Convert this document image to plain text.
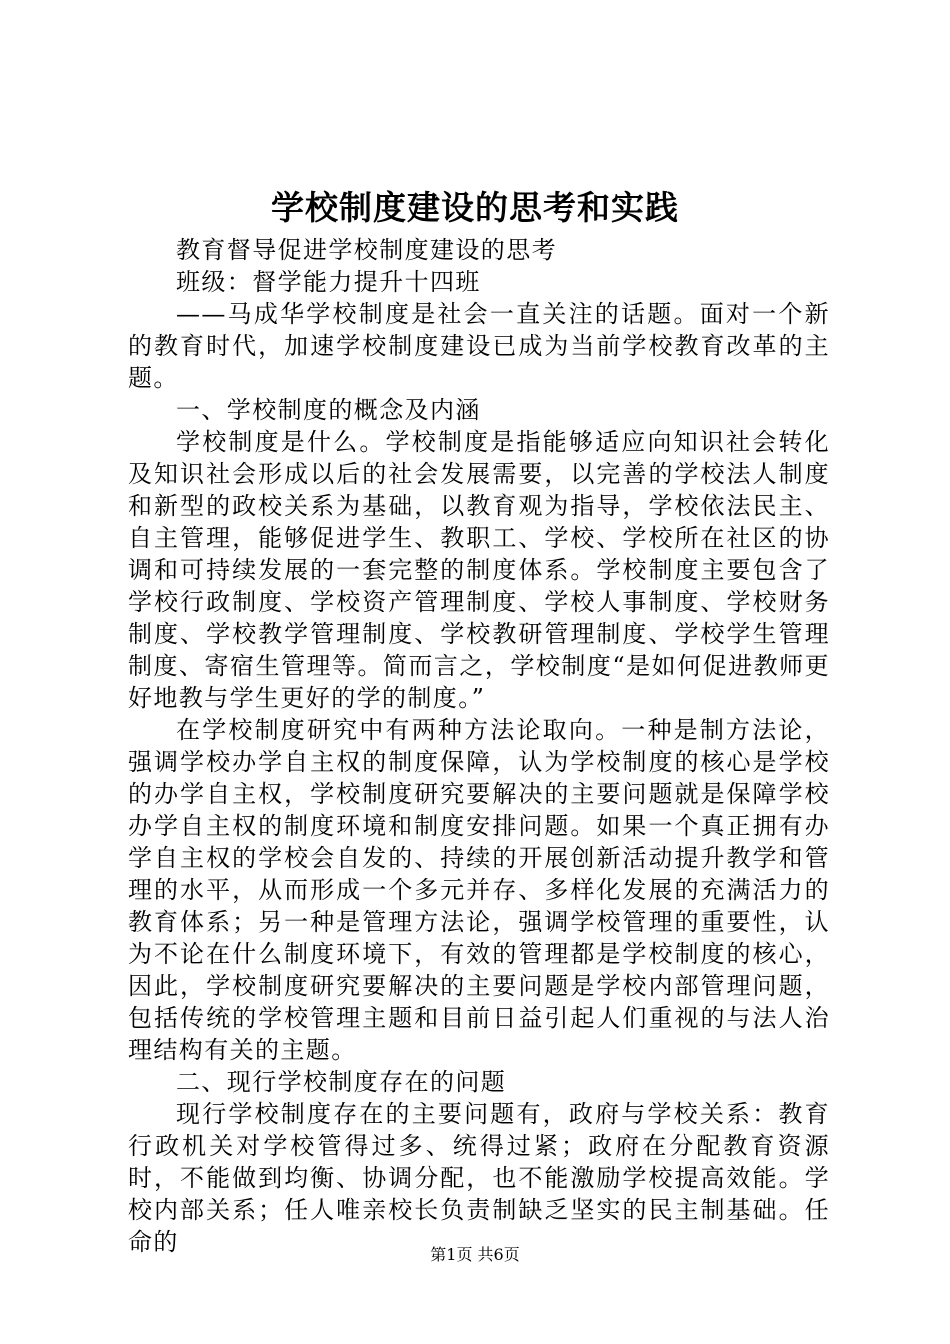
学校制度建设的思考和实践

教育督导促进学校制度建设的思考

班级：督学能力提升十四班

——马成华学校制度是社会一直关注的话题。面对一个新的教育时代，加速学校制度建设已成为当前学校教育改革的主题。

一、学校制度的概念及内涵

学校制度是什么。学校制度是指能够适应向知识社会转化及知识社会形成以后的社会发展需要，以完善的学校法人制度和新型的政校关系为基础，以教育观为指导，学校依法民主、自主管理，能够促进学生、教职工、学校、学校所在社区的协调和可持续发展的一套完整的制度体系。学校制度主要包含了学校行政制度、学校资产管理制度、学校人事制度、学校财务制度、学校教学管理制度、学校教研管理制度、学校学生管理制度、寄宿生管理等。简而言之，学校制度“是如何促进教师更好地教与学生更好的学的制度。”

在学校制度研究中有两种方法论取向。一种是制方法论，强调学校办学自主权的制度保障，认为学校制度的核心是学校的办学自主权，学校制度研究要解决的主要问题就是保障学校办学自主权的制度环境和制度安排问题。如果一个真正拥有办学自主权的学校会自发的、持续的开展创新活动提升教学和管理的水平，从而形成一个多元并存、多样化发展的充满活力的教育体系；另一种是管理方法论，强调学校管理的重要性，认为不论在什么制度环境下，有效的管理都是学校制度的核心，因此，学校制度研究要解决的主要问题是学校内部管理问题，包括传统的学校管理主题和目前日益引起人们重视的与法人治理结构有关的主题。

二、现行学校制度存在的问题

现行学校制度存在的主要问题有，政府与学校关系：教育行政机关对学校管得过多、统得过紧；政府在分配教育资源时，不能做到均衡、协调分配，也不能激励学校提高效能。学校内部关系；任人唯亲校长负责制缺乏坚实的民主制基础。任命的	第1页 共6页
